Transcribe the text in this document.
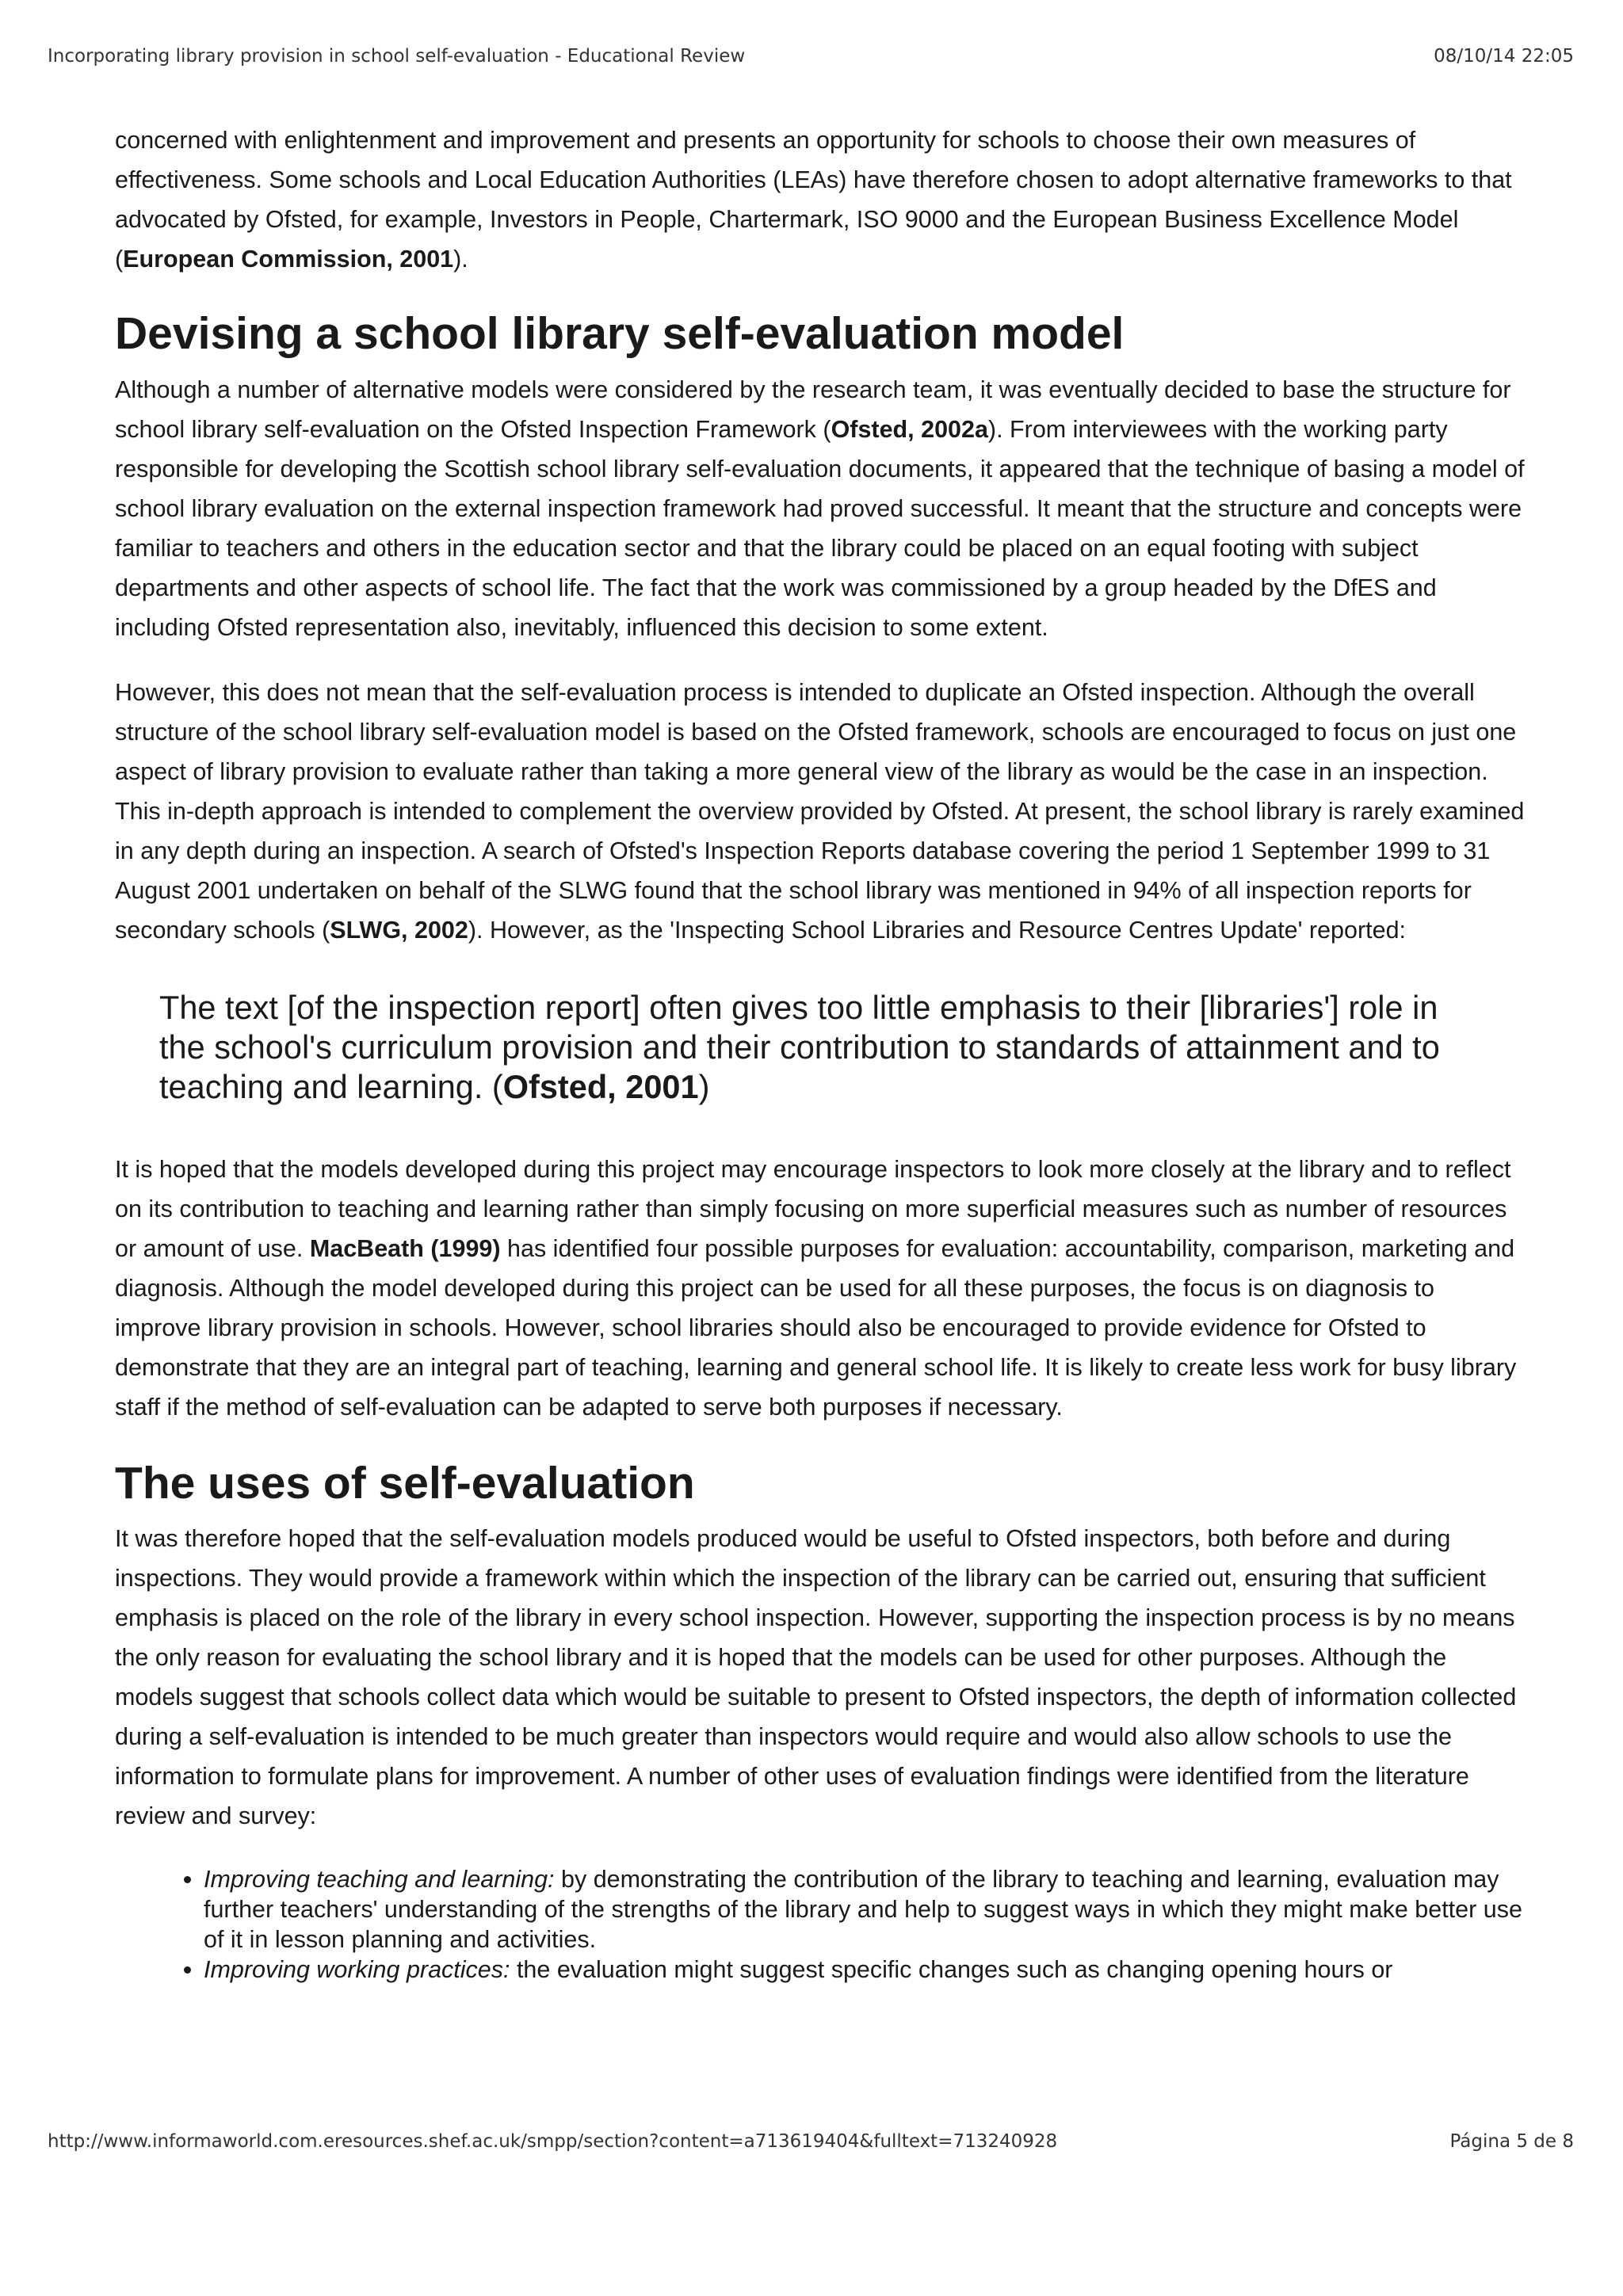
Incorporating library provision in school self-evaluation - Educational Review	08/10/14 22:05

concerned with enlightenment and improvement and presents an opportunity for schools to choose their own measures of effectiveness. Some schools and Local Education Authorities (LEAs) have therefore chosen to adopt alternative frameworks to that advocated by Ofsted, for example, Investors in People, Chartermark, ISO 9000 and the European Business Excellence Model (European Commission, 2001).

Devising a school library self-evaluation model

Although a number of alternative models were considered by the research team, it was eventually decided to base the structure for school library self-evaluation on the Ofsted Inspection Framework (Ofsted, 2002a). From interviewees with the working party responsible for developing the Scottish school library self-evaluation documents, it appeared that the technique of basing a model of school library evaluation on the external inspection framework had proved successful. It meant that the structure and concepts were familiar to teachers and others in the education sector and that the library could be placed on an equal footing with subject departments and other aspects of school life. The fact that the work was commissioned by a group headed by the DfES and including Ofsted representation also, inevitably, influenced this decision to some extent.

However, this does not mean that the self-evaluation process is intended to duplicate an Ofsted inspection. Although the overall structure of the school library self-evaluation model is based on the Ofsted framework, schools are encouraged to focus on just one aspect of library provision to evaluate rather than taking a more general view of the library as would be the case in an inspection. This in-depth approach is intended to complement the overview provided by Ofsted. At present, the school library is rarely examined in any depth during an inspection. A search of Ofsted's Inspection Reports database covering the period 1 September 1999 to 31 August 2001 undertaken on behalf of the SLWG found that the school library was mentioned in 94% of all inspection reports for secondary schools (SLWG, 2002). However, as the 'Inspecting School Libraries and Resource Centres Update' reported:

The text [of the inspection report] often gives too little emphasis to their [libraries'] role in the school's curriculum provision and their contribution to standards of attainment and to teaching and learning. (Ofsted, 2001)

It is hoped that the models developed during this project may encourage inspectors to look more closely at the library and to reflect on its contribution to teaching and learning rather than simply focusing on more superficial measures such as number of resources or amount of use. MacBeath (1999) has identified four possible purposes for evaluation: accountability, comparison, marketing and diagnosis. Although the model developed during this project can be used for all these purposes, the focus is on diagnosis to improve library provision in schools. However, school libraries should also be encouraged to provide evidence for Ofsted to demonstrate that they are an integral part of teaching, learning and general school life. It is likely to create less work for busy library staff if the method of self-evaluation can be adapted to serve both purposes if necessary.

The uses of self-evaluation

It was therefore hoped that the self-evaluation models produced would be useful to Ofsted inspectors, both before and during inspections. They would provide a framework within which the inspection of the library can be carried out, ensuring that sufficient emphasis is placed on the role of the library in every school inspection. However, supporting the inspection process is by no means the only reason for evaluating the school library and it is hoped that the models can be used for other purposes. Although the models suggest that schools collect data which would be suitable to present to Ofsted inspectors, the depth of information collected during a self-evaluation is intended to be much greater than inspectors would require and would also allow schools to use the information to formulate plans for improvement. A number of other uses of evaluation findings were identified from the literature review and survey:

• Improving teaching and learning: by demonstrating the contribution of the library to teaching and learning, evaluation may further teachers' understanding of the strengths of the library and help to suggest ways in which they might make better use of it in lesson planning and activities.
• Improving working practices: the evaluation might suggest specific changes such as changing opening hours or
http://www.informaworld.com.eresources.shef.ac.uk/smpp/section?content=a713619404&fulltext=713240928	Página 5 de 8
